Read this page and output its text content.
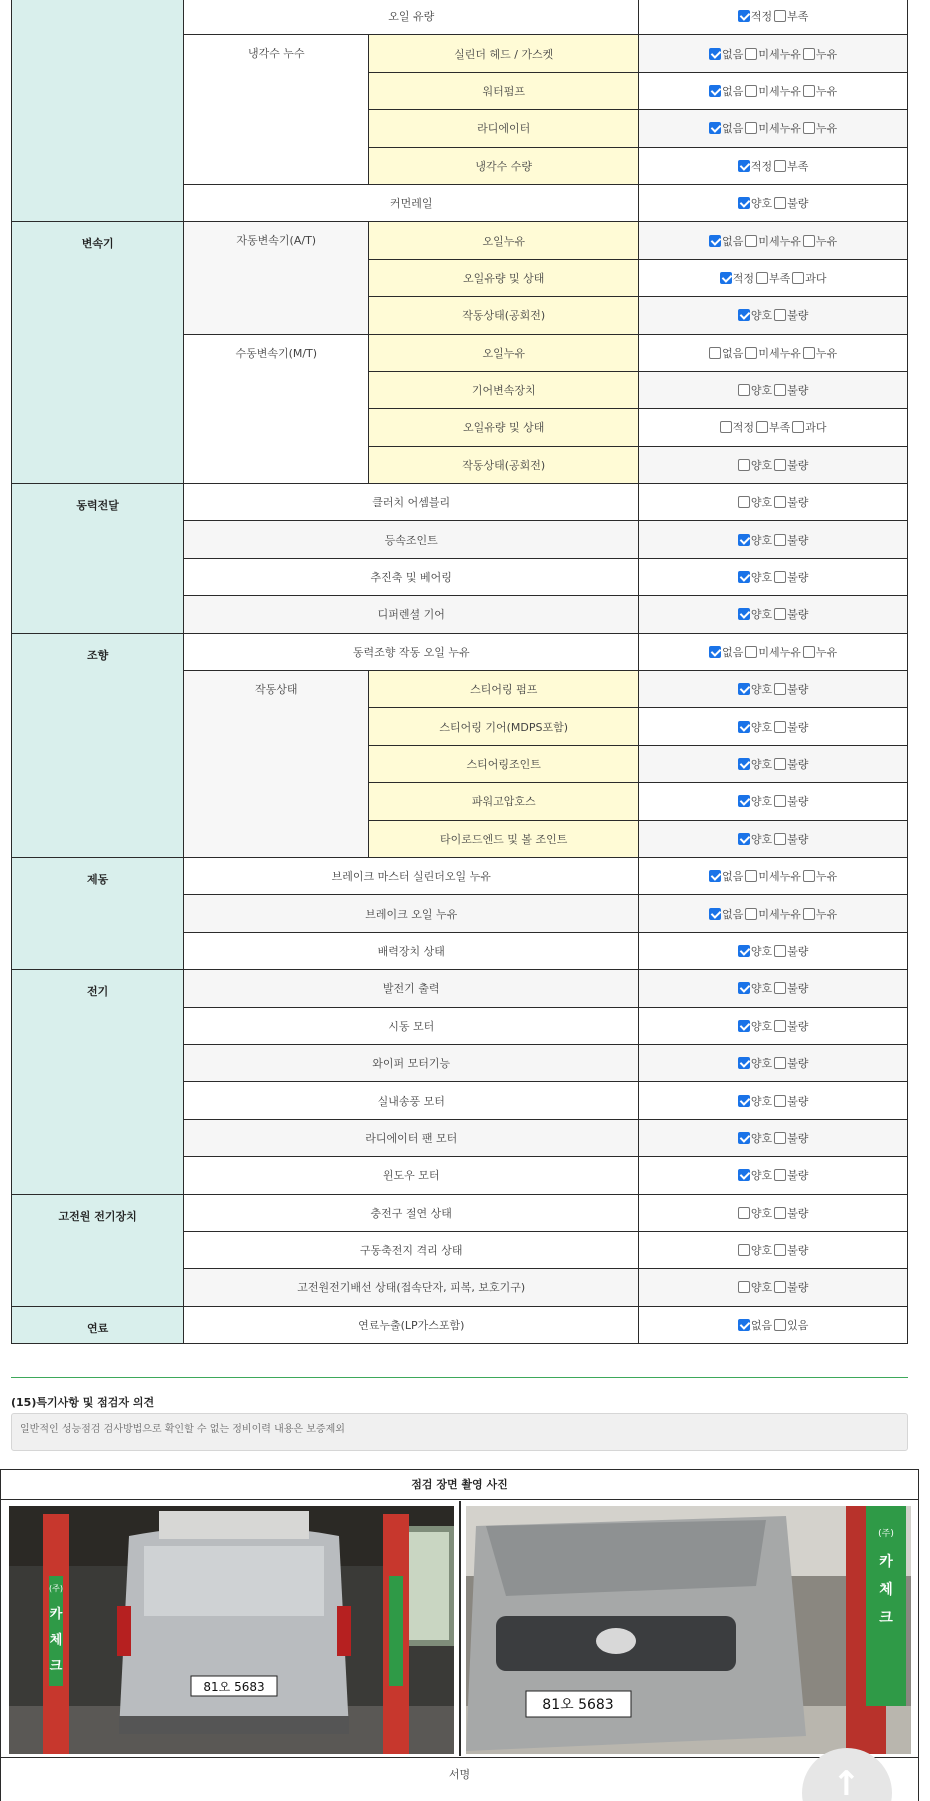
	오일 유량		적정 부족
	냉각수 누수	실린더 헤드 / 가스켓	없음 미세누유 누유
		워터펌프	없음 미세누유 누유
		라디에이터	없음 미세누유 누유
		냉각수 수량	적정 부족
	커먼레일		양호 불량
변속기	자동변속기(A/T)	오일누유	없음 미세누유 누유
		오일유량 및 상태	적정 부족 과다
		작동상태(공회전)	양호 불량
	수동변속기(M/T)	오일누유	없음 미세누유 누유
		기어변속장치	양호 불량
		오일유량 및 상태	적정 부족 과다
		작동상태(공회전)	양호 불량
동력전달	클러치 어셈블리		양호 불량
	등속조인트		양호 불량
	추진축 및 베어링		양호 불량
	디퍼렌셜 기어		양호 불량
조향	동력조향 작동 오일 누유		없음 미세누유 누유
	작동상태	스티어링 펌프	양호 불량
		스티어링 기어(MDPS포함)	양호 불량
		스티어링조인트	양호 불량
		파워고압호스	양호 불량
		타이로드엔드 및 볼 조인트	양호 불량
제동	브레이크 마스터 실린더오일 누유		없음 미세누유 누유
	브레이크 오일 누유		없음 미세누유 누유
	배력장치 상태		양호 불량
전기	발전기 출력		양호 불량
	시동 모터		양호 불량
	와이퍼 모터기능		양호 불량
	실내송풍 모터		양호 불량
	라디에이터 팬 모터		양호 불량
	윈도우 모터		양호 불량
고전원 전기장치	충전구 절연 상태		양호 불량
	구동축전지 격리 상태		양호 불량
	고전원전기배선 상태(접속단자, 피복, 보호기구)		양호 불량
연료	연료누출(LP가스포함)		없음 있음
(15)특기사항 및 점검자 의견
일반적인 성능점검 검사방법으로 확인할 수 없는 정비이력 내용은 보증제외
점검 장면 촬영 사진
(주)
카
체
크
81오 5683
(주)
카
체
크
81오 5683
서명	↑
